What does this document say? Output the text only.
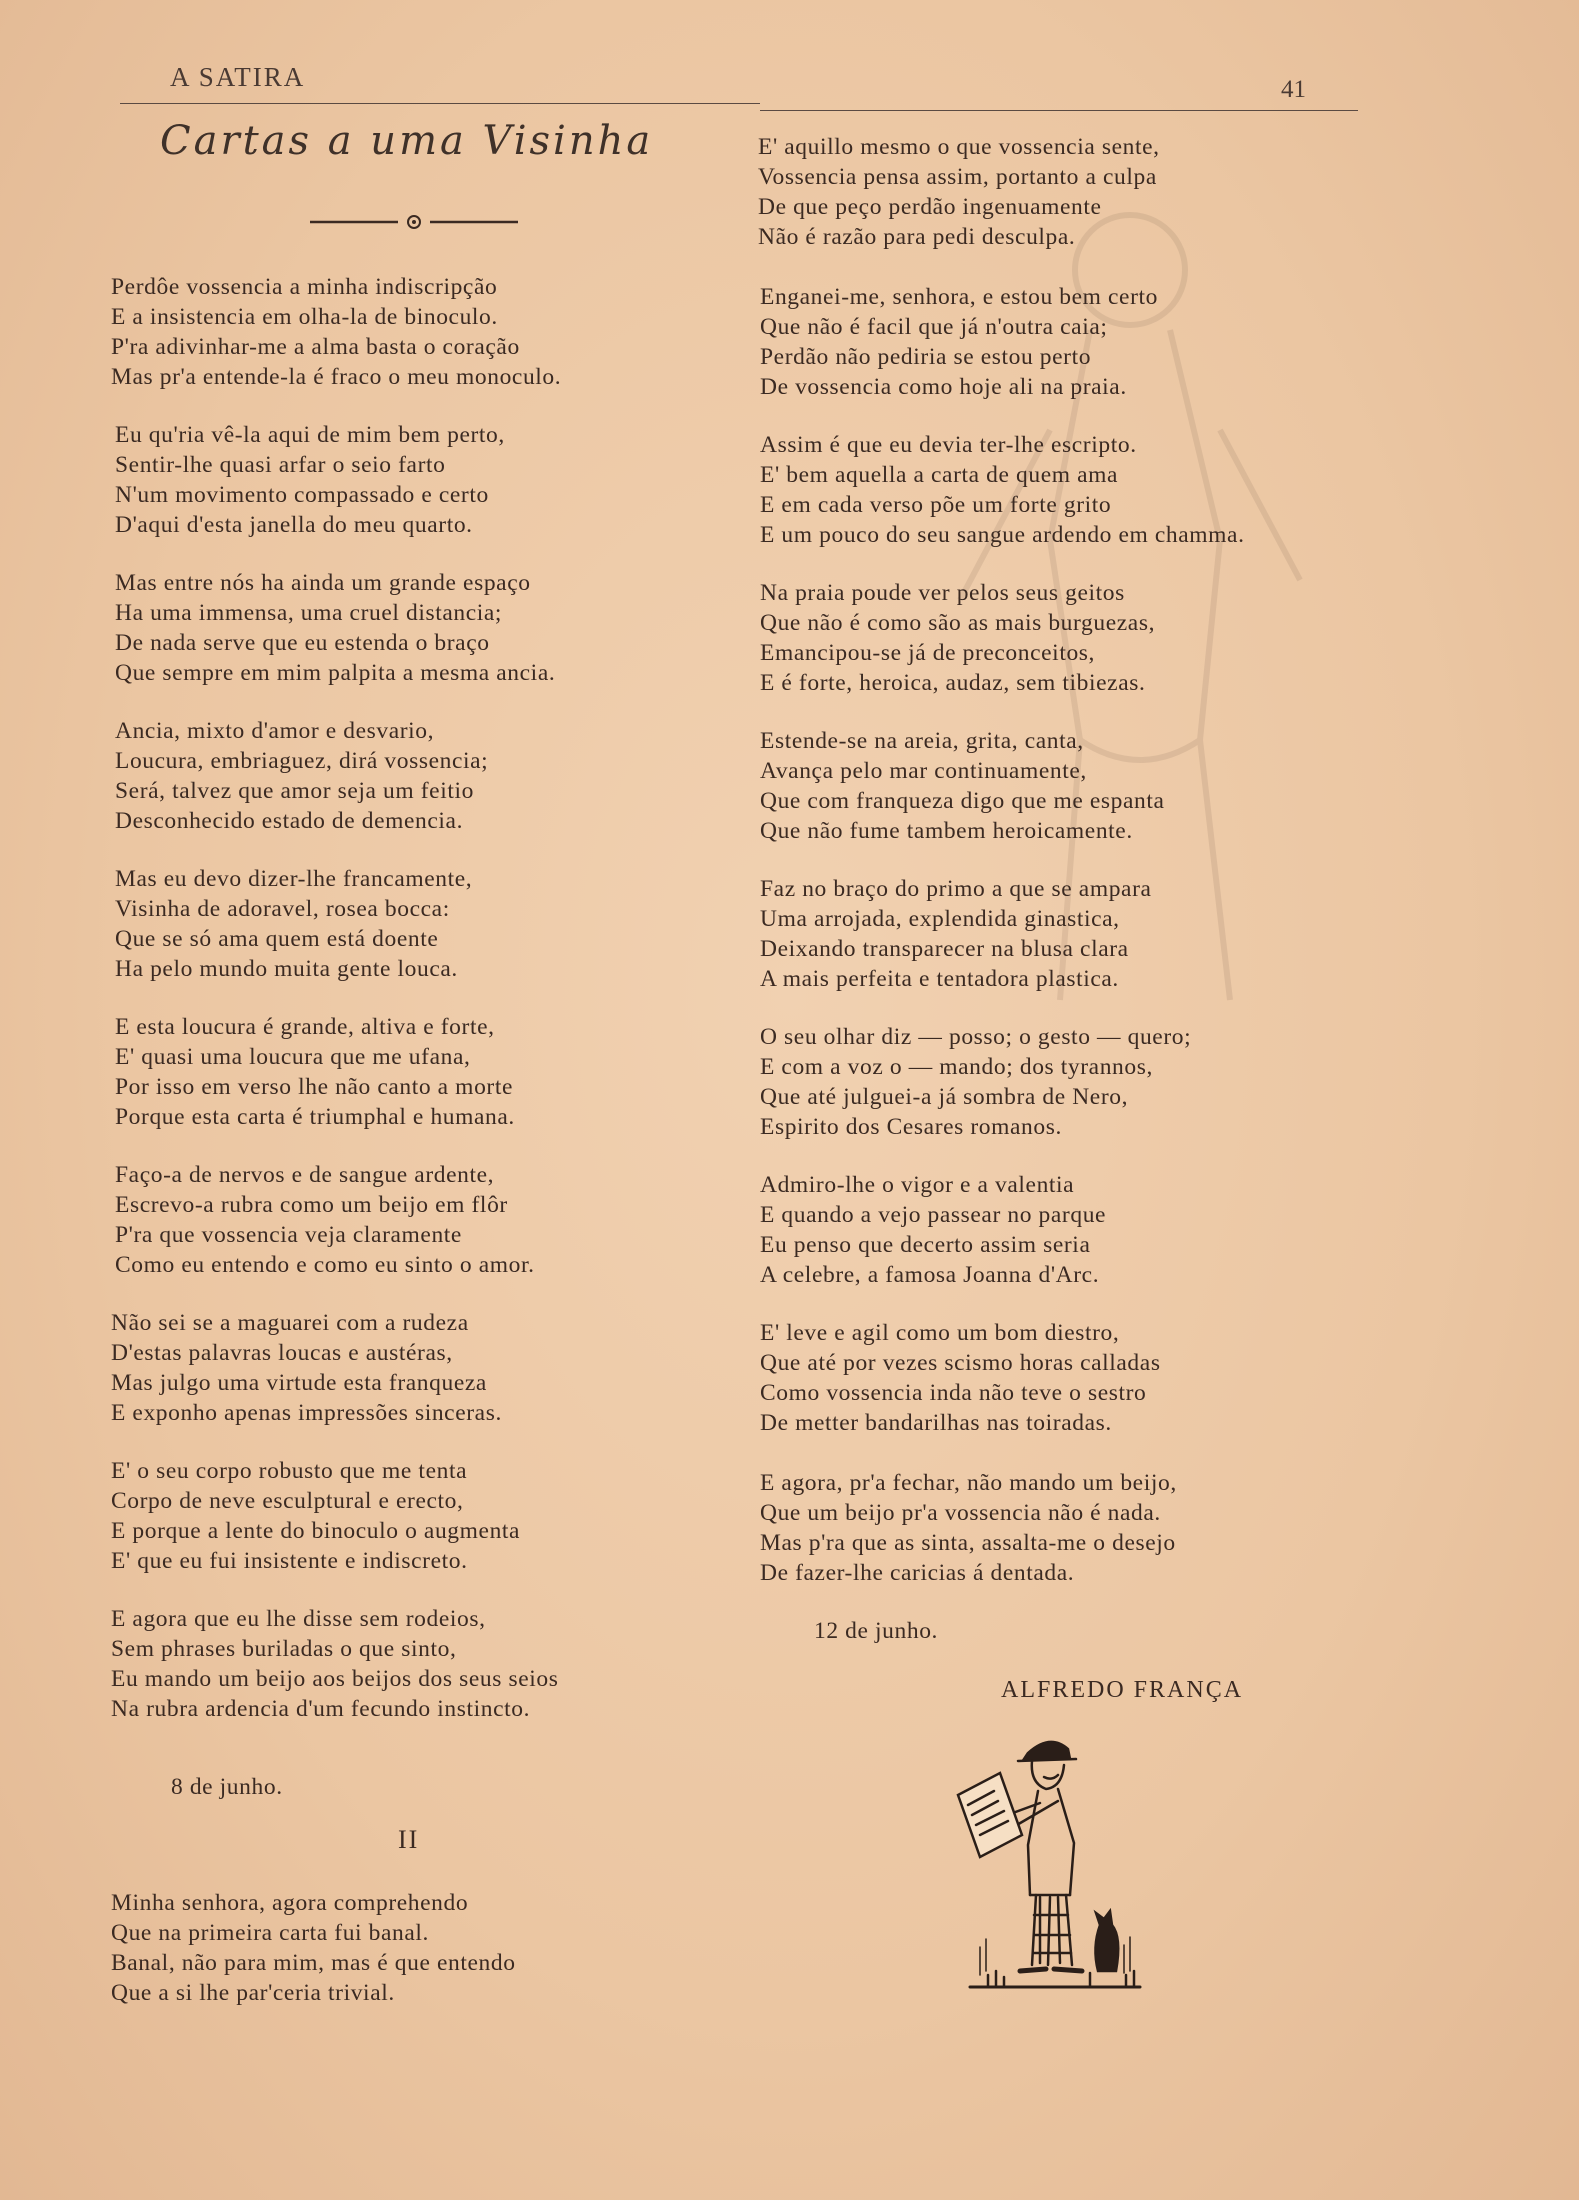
A SATIRA	41
Cartas a uma Visinha
Perdôe vossencia a minha indiscripção
E a insistencia em olha-la de binoculo.
P'ra adivinhar-me a alma basta o coração
Mas pr'a entende-la é fraco o meu monoculo.
Eu qu'ria vê-la aqui de mim bem perto,
Sentir-lhe quasi arfar o seio farto
N'um movimento compassado e certo
D'aqui d'esta janella do meu quarto.
Mas entre nós ha ainda um grande espaço
Ha uma immensa, uma cruel distancia;
De nada serve que eu estenda o braço
Que sempre em mim palpita a mesma ancia.
Ancia, mixto d'amor e desvario,
Loucura, embriaguez, dirá vossencia;
Será, talvez que amor seja um feitio
Desconhecido estado de demencia.
Mas eu devo dizer-lhe francamente,
Visinha de adoravel, rosea bocca:
Que se só ama quem está doente
Ha pelo mundo muita gente louca.
E esta loucura é grande, altiva e forte,
E' quasi uma loucura que me ufana,
Por isso em verso lhe não canto a morte
Porque esta carta é triumphal e humana.
Faço-a de nervos e de sangue ardente,
Escrevo-a rubra como um beijo em flôr
P'ra que vossencia veja claramente
Como eu entendo e como eu sinto o amor.
Não sei se a maguarei com a rudeza
D'estas palavras loucas e austéras,
Mas julgo uma virtude esta franqueza
E exponho apenas impressões sinceras.
E' o seu corpo robusto que me tenta
Corpo de neve esculptural e erecto,
E porque a lente do binoculo o augmenta
E' que eu fui insistente e indiscreto.
E agora que eu lhe disse sem rodeios,
Sem phrases buriladas o que sinto,
Eu mando um beijo aos beijos dos seus seios
Na rubra ardencia d'um fecundo instincto.
8 de junho.
Minha senhora, agora comprehendo
Que na primeira carta fui banal.
Banal, não para mim, mas é que entendo
Que a si lhe par'ceria trivial.
II
E' aquillo mesmo o que vossencia sente,
Vossencia pensa assim, portanto a culpa
De que peço perdão ingenuamente
Não é razão para pedi desculpa.
Enganei-me, senhora, e estou bem certo
Que não é facil que já n'outra caia;
Perdão não pediria se estou perto
De vossencia como hoje ali na praia.
Assim é que eu devia ter-lhe escripto.
E' bem aquella a carta de quem ama
E em cada verso põe um forte grito
E um pouco do seu sangue ardendo em chamma.
Na praia poude ver pelos seus geitos
Que não é como são as mais burguezas,
Emancipou-se já de preconceitos,
E é forte, heroica, audaz, sem tibiezas.
Estende-se na areia, grita, canta,
Avança pelo mar continuamente,
Que com franqueza digo que me espanta
Que não fume tambem heroicamente.
Faz no braço do primo a que se ampara
Uma arrojada, explendida ginastica,
Deixando transparecer na blusa clara
A mais perfeita e tentadora plastica.
O seu olhar diz — posso; o gesto — quero;
E com a voz o — mando; dos tyrannos,
Que até julguei-a já sombra de Nero,
Espirito dos Cesares romanos.
Admiro-lhe o vigor e a valentia
E quando a vejo passear no parque
Eu penso que decerto assim seria
A celebre, a famosa Joanna d'Arc.
E' leve e agil como um bom diestro,
Que até por vezes scismo horas calladas
Como vossencia inda não teve o sestro
De metter bandarilhas nas toiradas.
E agora, pr'a fechar, não mando um beijo,
Que um beijo pr'a vossencia não é nada.
Mas p'ra que as sinta, assalta-me o desejo
De fazer-lhe caricias á dentada.
12 de junho.
ALFREDO FRANÇA
